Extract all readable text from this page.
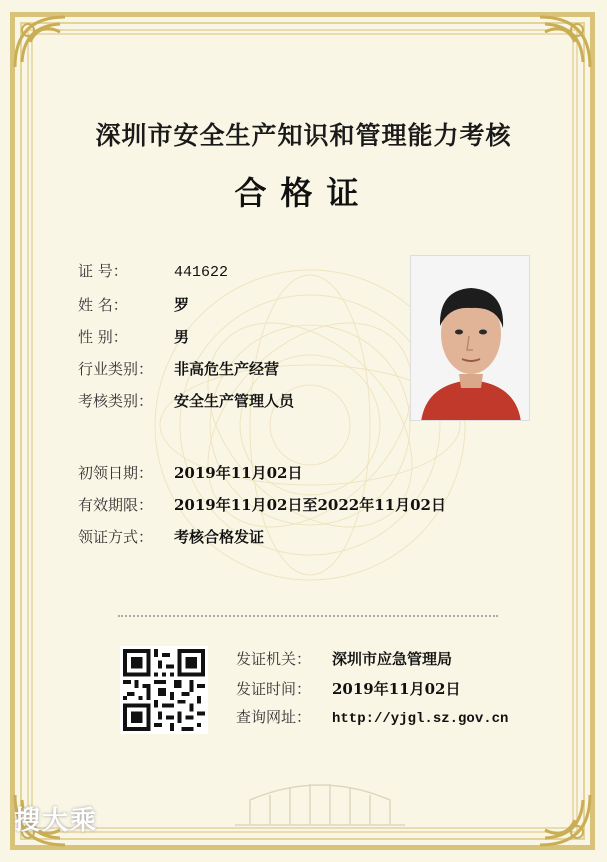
深圳市安全生产知识和管理能力考核
合格证
证 号：	441622
姓 名：	罗
性 别：	男
行业类别： 非高危生产经营
考核类别： 安全生产管理人员
初领日期： 2019年11月02日
有效期限： 2019年11月02日至2022年11月02日
领证方式： 考核合格发证
发证机关： 深圳市应急管理局
发证时间： 2019年11月02日
查询网址： http://yjgl.sz.gov.cn
搜大乘
